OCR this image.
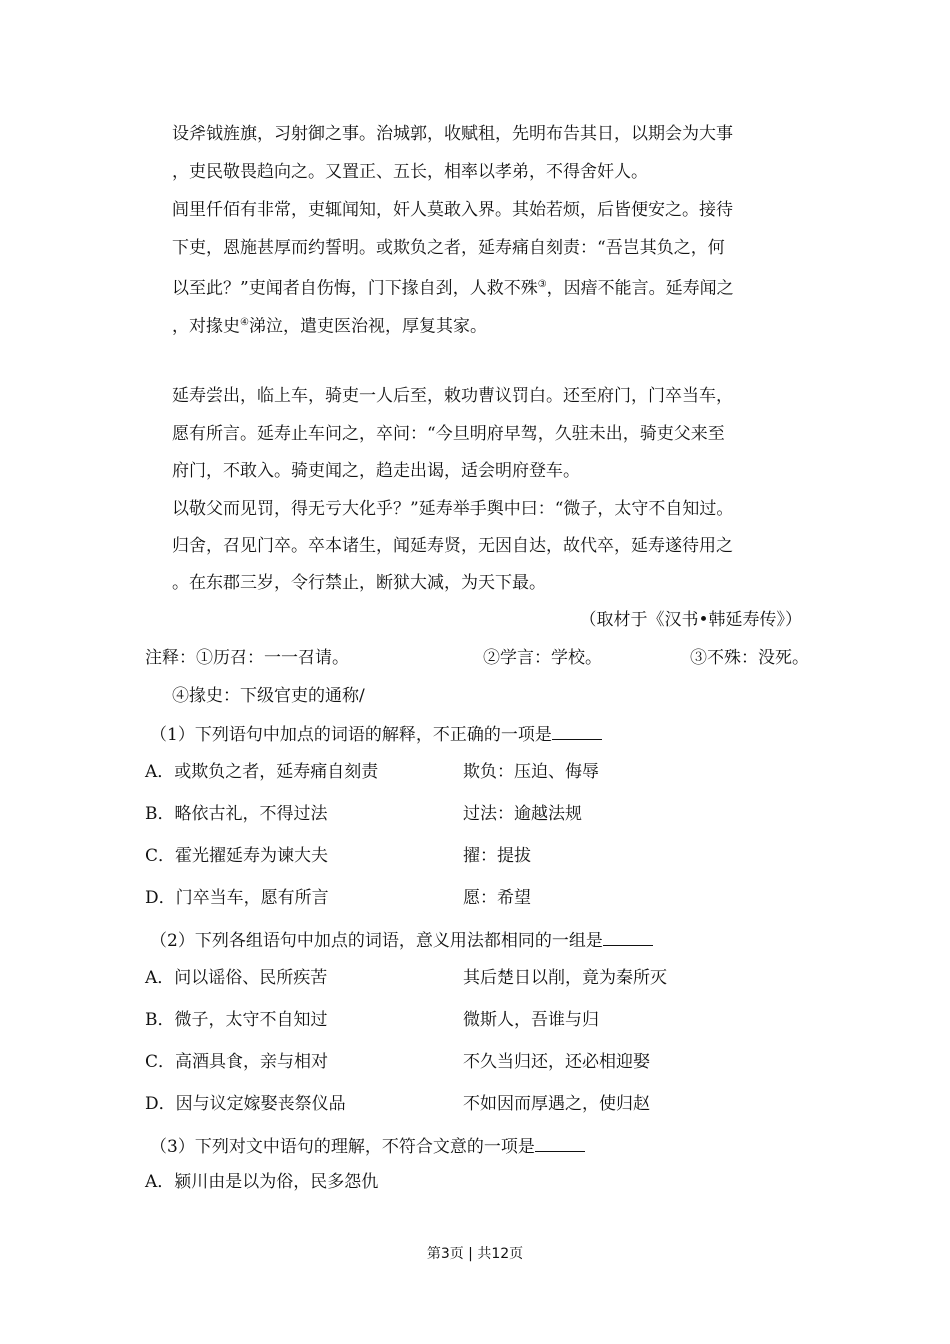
设斧钺旌旗，习射御之事。治城郭，收赋租，先明布告其日，以期会为大事
，吏民敬畏趋向之。又置正、五长，相率以孝弟，不得舍奸人。
闾里仟佰有非常，吏辄闻知，奸人莫敢入界。其始若烦，后皆便安之。接待
下吏，恩施甚厚而约誓明。或欺负之者，延寿痛自刻责：“吾岂其负之，何
以至此？”吏闻者自伤悔，门下掾自刭，人救不殊③，因瘖不能言。延寿闻之
，对掾史④涕泣，遣吏医治视，厚复其家。
延寿尝出，临上车，骑吏一人后至，敕功曹议罚白。还至府门，门卒当车，
愿有所言。延寿止车问之，卒问：“今旦明府早驾，久驻未出，骑吏父来至
府门，不敢入。骑吏闻之，趋走出谒，适会明府登车。
以敬父而见罚，得无亏大化乎？”延寿举手舆中曰：“微子，太守不自知过。
归舍，召见门卒。卒本诸生，闻延寿贤，无因自达，故代卒，延寿遂待用之
。在东郡三岁，令行禁止，断狱大减，为天下最。
（取材于《汉书•韩延寿传》）
注释：①历召：一一召请。	②学言：学校。	③不殊：没死。
④掾史：下级官吏的通称/
（1）下列语句中加点的词语的解释，不正确的一项是
A．或欺负之者，延寿痛自刻责	欺负：压迫、侮辱
B．略依古礼，不得过法	过法：逾越法规
C．霍光擢延寿为谏大夫	擢：提拔
D．门卒当车，愿有所言	愿：希望
（2）下列各组语句中加点的词语，意义用法都相同的一组是
A．问以谣俗、民所疾苦	其后楚日以削，竟为秦所灭
B．微子，太守不自知过	微斯人，吾谁与归
C．高酒具食，亲与相对	不久当归还，还必相迎娶
D．因与议定嫁娶丧祭仪品	不如因而厚遇之，使归赵
（3）下列对文中语句的理解，不符合文意的一项是
A．颍川由是以为俗，民多怨仇
第3页 | 共12页
